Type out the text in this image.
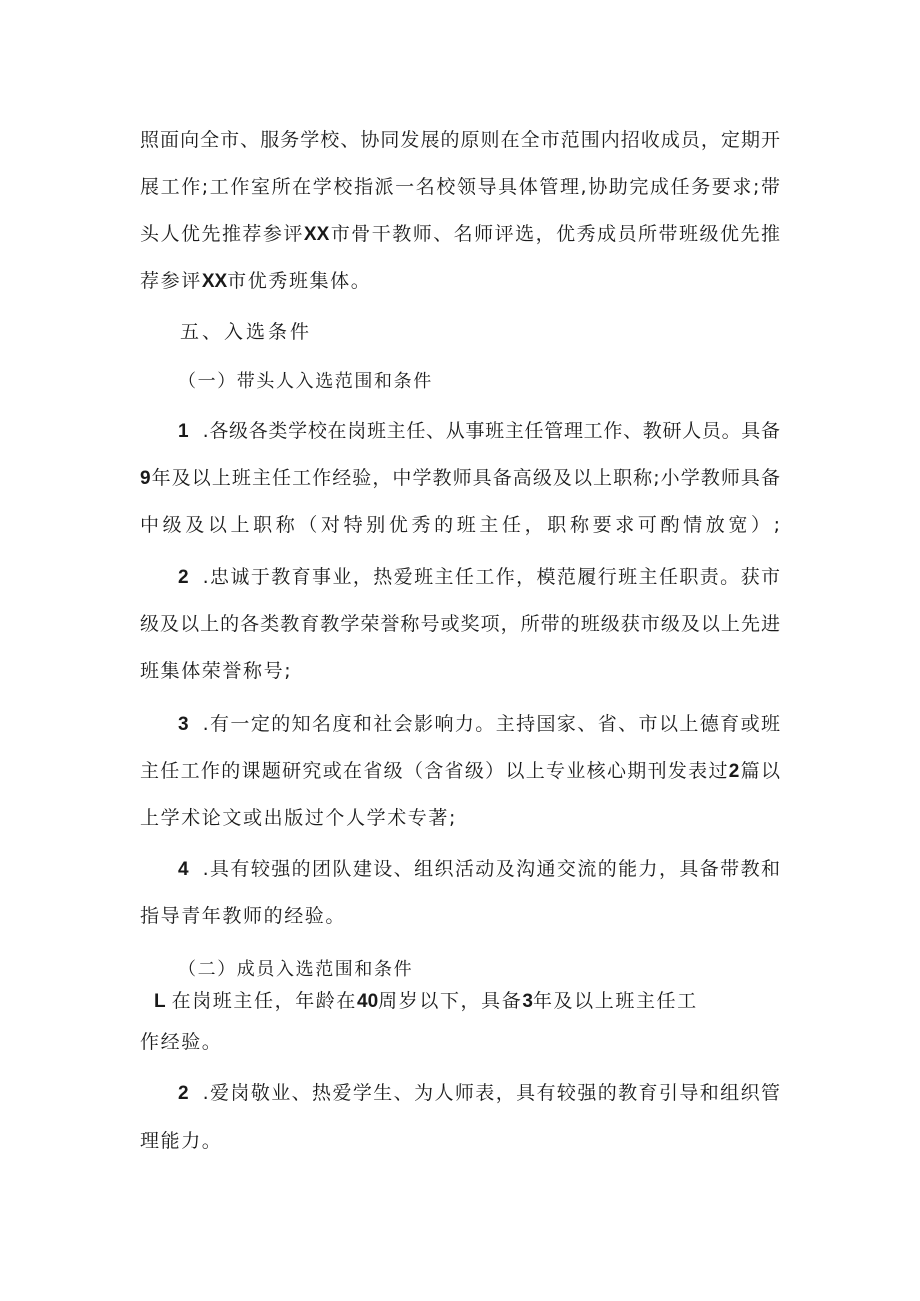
照面向全市、服务学校、协同发展的原则在全市范围内招收成员，定期开
展工作;工作室所在学校指派一名校领导具体管理,协助完成任务要求;带
头人优先推荐参评XX市骨干教师、名师评选，优秀成员所带班级优先推
荐参评XX市优秀班集体。
五、入选条件
（一）带头人入选范围和条件
1 .各级各类学校在岗班主任、从事班主任管理工作、教研人员。具备
9年及以上班主任工作经验，中学教师具备高级及以上职称;小学教师具备
中级及以上职称（对特别优秀的班主任，职称要求可酌情放宽）;
2 .忠诚于教育事业，热爱班主任工作，模范履行班主任职责。获市
级及以上的各类教育教学荣誉称号或奖项，所带的班级获市级及以上先进
班集体荣誉称号;
3 .有一定的知名度和社会影响力。主持国家、省、市以上德育或班
主任工作的课题研究或在省级（含省级）以上专业核心期刊发表过2篇以
上学术论文或出版过个人学术专著;
4 .具有较强的团队建设、组织活动及沟通交流的能力，具备带教和
指导青年教师的经验。
（二）成员入选范围和条件
L 在岗班主任，年龄在40周岁以下，具备3年及以上班主任工
作经验。
2 .爱岗敬业、热爱学生、为人师表，具有较强的教育引导和组织管
理能力。
